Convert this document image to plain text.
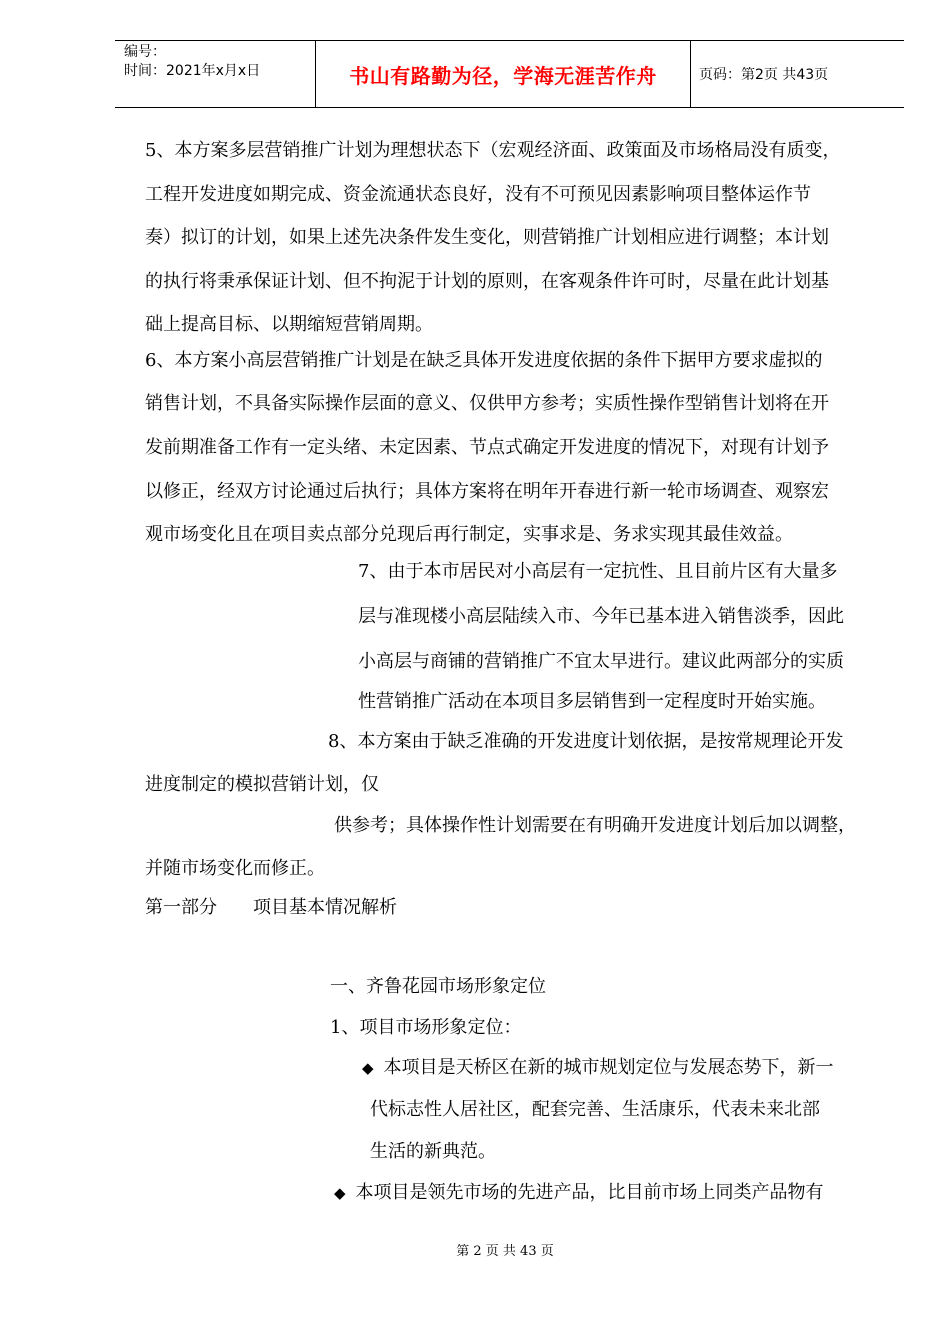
编号：
时间：2021年x月x日	书山有路勤为径，学海无涯苦作舟	页码：第2页 共43页
5、本方案多层营销推广计划为理想状态下（宏观经济面、政策面及市场格局没有质变，
工程开发进度如期完成、资金流通状态良好，没有不可预见因素影响项目整体运作节
奏）拟订的计划，如果上述先决条件发生变化，则营销推广计划相应进行调整；本计划
的执行将秉承保证计划、但不拘泥于计划的原则，在客观条件许可时，尽量在此计划基
础上提高目标、以期缩短营销周期。
6、本方案小高层营销推广计划是在缺乏具体开发进度依据的条件下据甲方要求虚拟的
销售计划，不具备实际操作层面的意义、仅供甲方参考；实质性操作型销售计划将在开
发前期准备工作有一定头绪、未定因素、节点式确定开发进度的情况下，对现有计划予
以修正，经双方讨论通过后执行；具体方案将在明年开春进行新一轮市场调查、观察宏
观市场变化且在项目卖点部分兑现后再行制定，实事求是、务求实现其最佳效益。
7、由于本市居民对小高层有一定抗性、且目前片区有大量多
层与准现楼小高层陆续入市、今年已基本进入销售淡季，因此
小高层与商铺的营销推广不宜太早进行。建议此两部分的实质
性营销推广活动在本项目多层销售到一定程度时开始实施。
8、本方案由于缺乏准确的开发进度计划依据，是按常规理论开发
进度制定的模拟营销计划，仅
供参考；具体操作性计划需要在有明确开发进度计划后加以调整，
并随市场变化而修正。
第一部分　　项目基本情况解析
一、齐鲁花园市场形象定位
1、项目市场形象定位：
◆ 本项目是天桥区在新的城市规划定位与发展态势下，新一
代标志性人居社区，配套完善、生活康乐，代表未来北部
生活的新典范。
◆ 本项目是领先市场的先进产品，比目前市场上同类产品物有
第 2 页 共 43 页
